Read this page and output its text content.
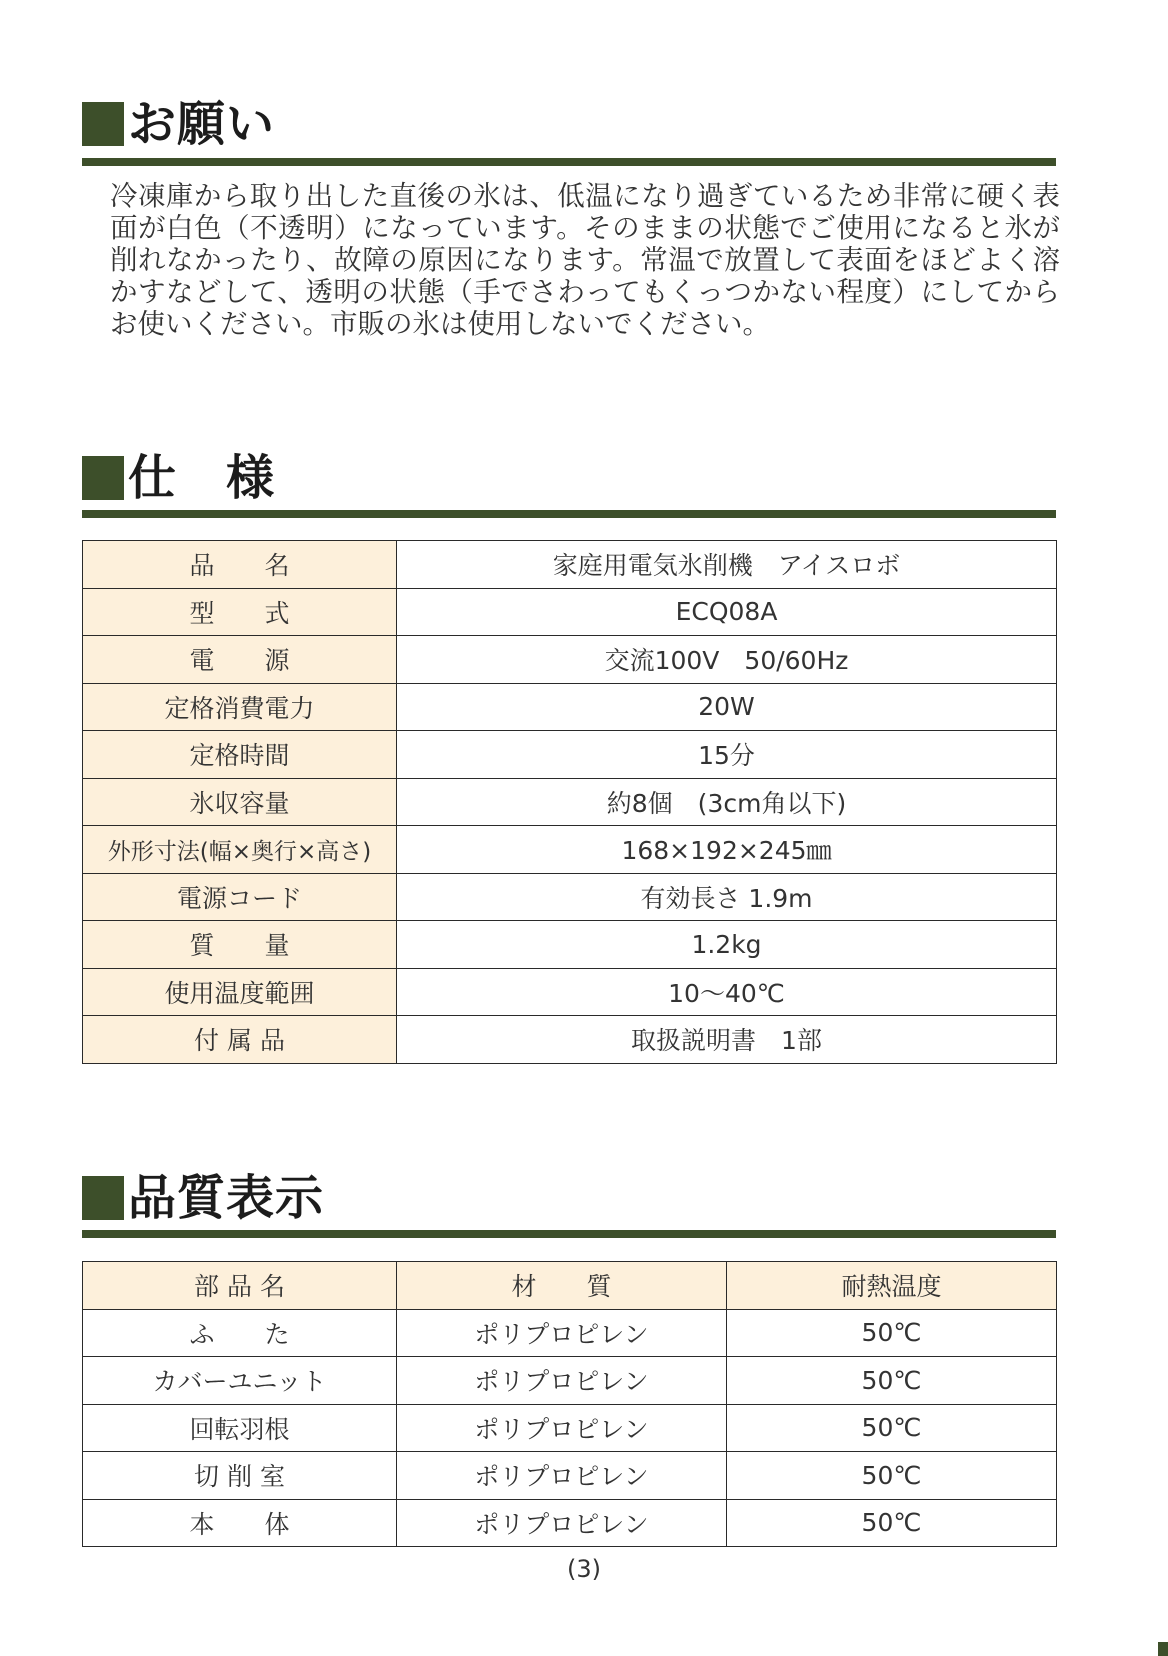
お願い

冷凍庫から取り出した直後の氷は、低温になり過ぎているため非常に硬く表面が白色（不透明）になっています。そのままの状態でご使用になると氷が削れなかったり、故障の原因になります。常温で放置して表面をほどよく溶かすなどして、透明の状態（手でさわってもくっつかない程度）にしてからお使いください。市販の氷は使用しないでください。

仕　様
品　　名	家庭用電気氷削機　アイスロボ
型　　式	ECQ08A
電　　源	交流100V　50/60Hz
定格消費電力	20W
定格時間	15分
氷収容量	約8個　(3cm角以下)
外形寸法(幅×奥行×高さ)	168×192×245㎜
電源コード	有効長さ 1.9m
質　　量	1.2kg
使用温度範囲	10～40℃
付 属 品	取扱説明書　1部
品質表示
部 品 名	材　　質	耐熱温度
ふ　　た	ポリプロピレン	50℃
カバーユニット	ポリプロピレン	50℃
回転羽根	ポリプロピレン	50℃
切 削 室	ポリプロピレン	50℃
本　　体	ポリプロピレン	50℃
(3)
